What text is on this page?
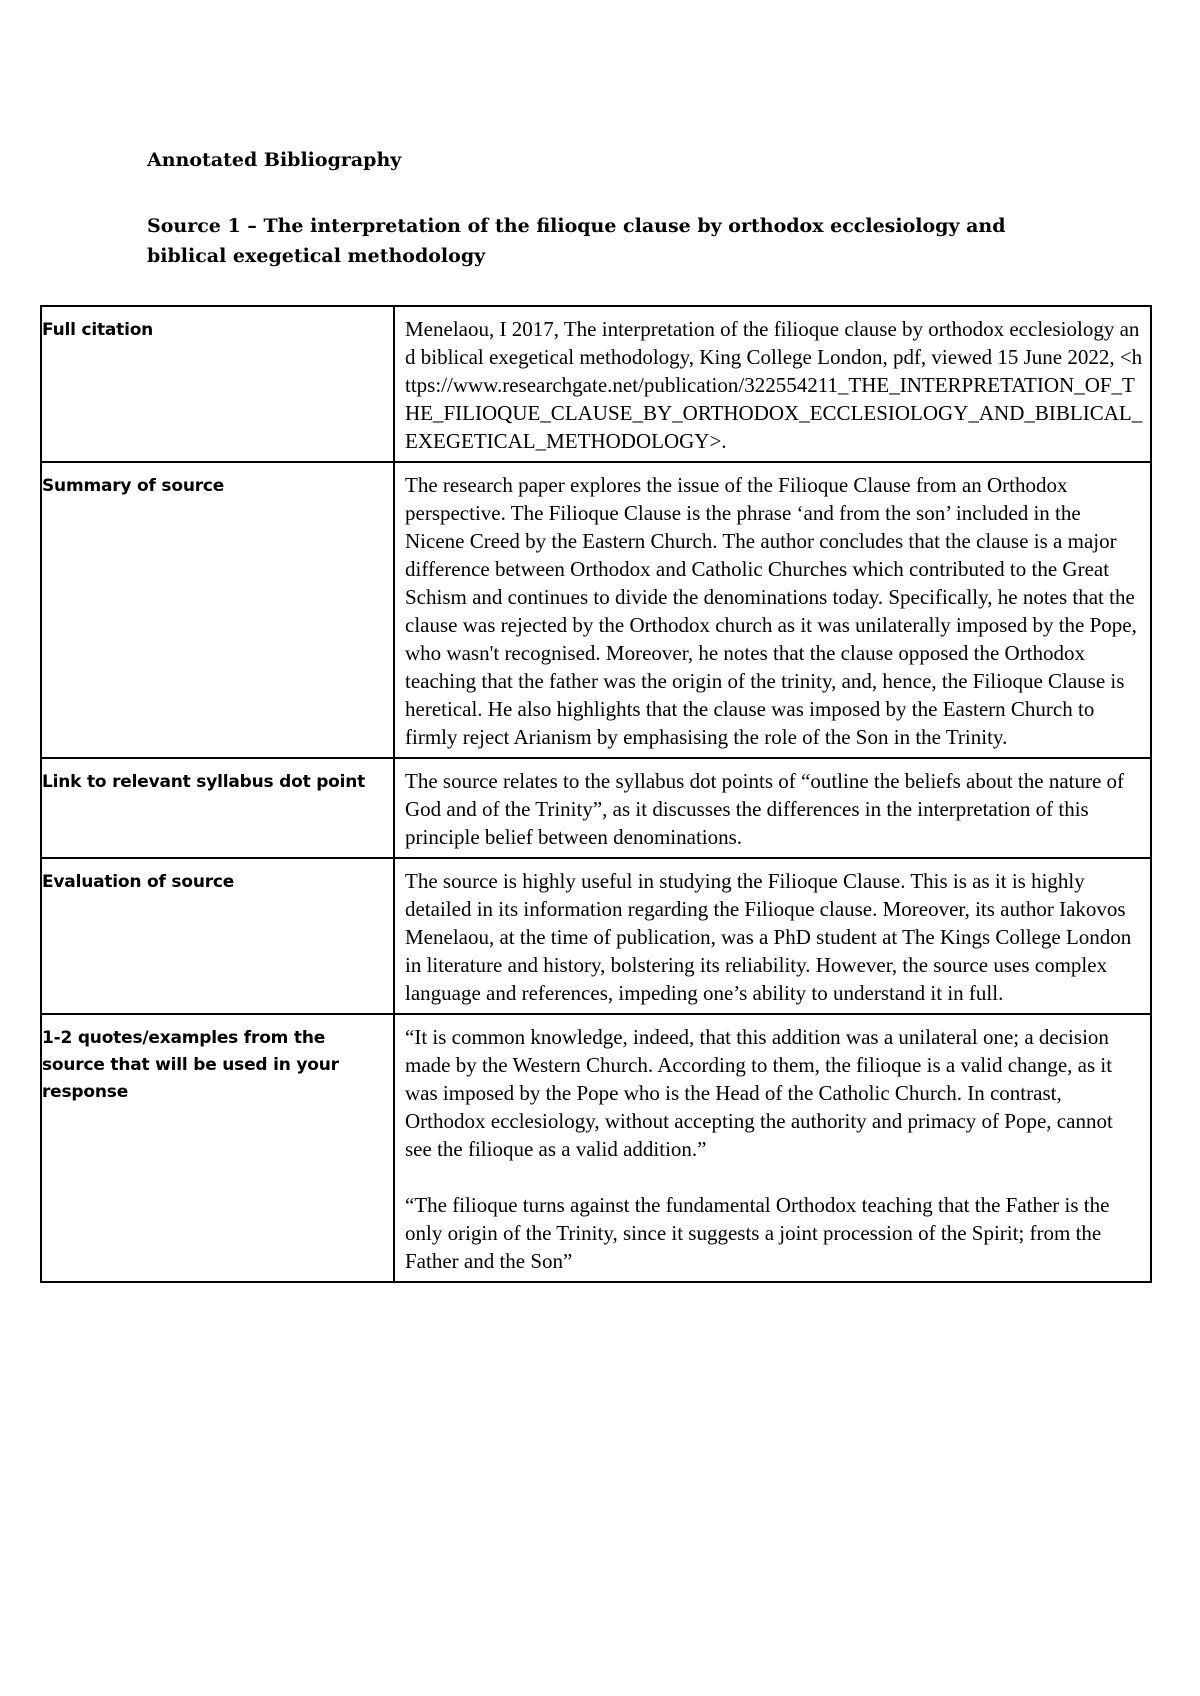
Annotated Bibliography
Source 1 – The interpretation of the filioque clause by orthodox ecclesiology and biblical exegetical methodology
Full citation	Menelaou, I 2017, The interpretation of the filioque clause by orthodox ecclesiology and biblical exegetical methodology, King College London, pdf, viewed 15 June 2022, <https://www.researchgate.net/publication/322554211_THE_INTERPRETATION_OF_THE_FILIOQUE_CLAUSE_BY_ORTHODOX_ECCLESIOLOGY_AND_BIBLICAL_EXEGETICAL_METHODOLOGY>.

Summary of source	The research paper explores the issue of the Filioque Clause from an Orthodox perspective. The Filioque Clause is the phrase ‘and from the son’ included in the Nicene Creed by the Eastern Church. The author concludes that the clause is a major difference between Orthodox and Catholic Churches which contributed to the Great Schism and continues to divide the denominations today. Specifically, he notes that the clause was rejected by the Orthodox church as it was unilaterally imposed by the Pope, who wasn't recognised. Moreover, he notes that the clause opposed the Orthodox teaching that the father was the origin of the trinity, and, hence, the Filioque Clause is heretical. He also highlights that the clause was imposed by the Eastern Church to firmly reject Arianism by emphasising the role of the Son in the Trinity.

Link to relevant syllabus dot point	The source relates to the syllabus dot points of “outline the beliefs about the nature of God and of the Trinity”, as it discusses the differences in the interpretation of this principle belief between denominations.

Evaluation of source	The source is highly useful in studying the Filioque Clause. This is as it is highly detailed in its information regarding the Filioque clause. Moreover, its author Iakovos Menelaou, at the time of publication, was a PhD student at The Kings College London in literature and history, bolstering its reliability. However, the source uses complex language and references, impeding one’s ability to understand it in full.

1-2 quotes/examples from the source that will be used in your response	“It is common knowledge, indeed, that this addition was a unilateral one; a decision made by the Western Church. According to them, the filioque is a valid change, as it was imposed by the Pope who is the Head of the Catholic Church. In contrast, Orthodox ecclesiology, without accepting the authority and primacy of Pope, cannot see the filioque as a valid addition.”

“The filioque turns against the fundamental Orthodox teaching that the Father is the only origin of the Trinity, since it suggests a joint procession of the Spirit; from the Father and the Son”
